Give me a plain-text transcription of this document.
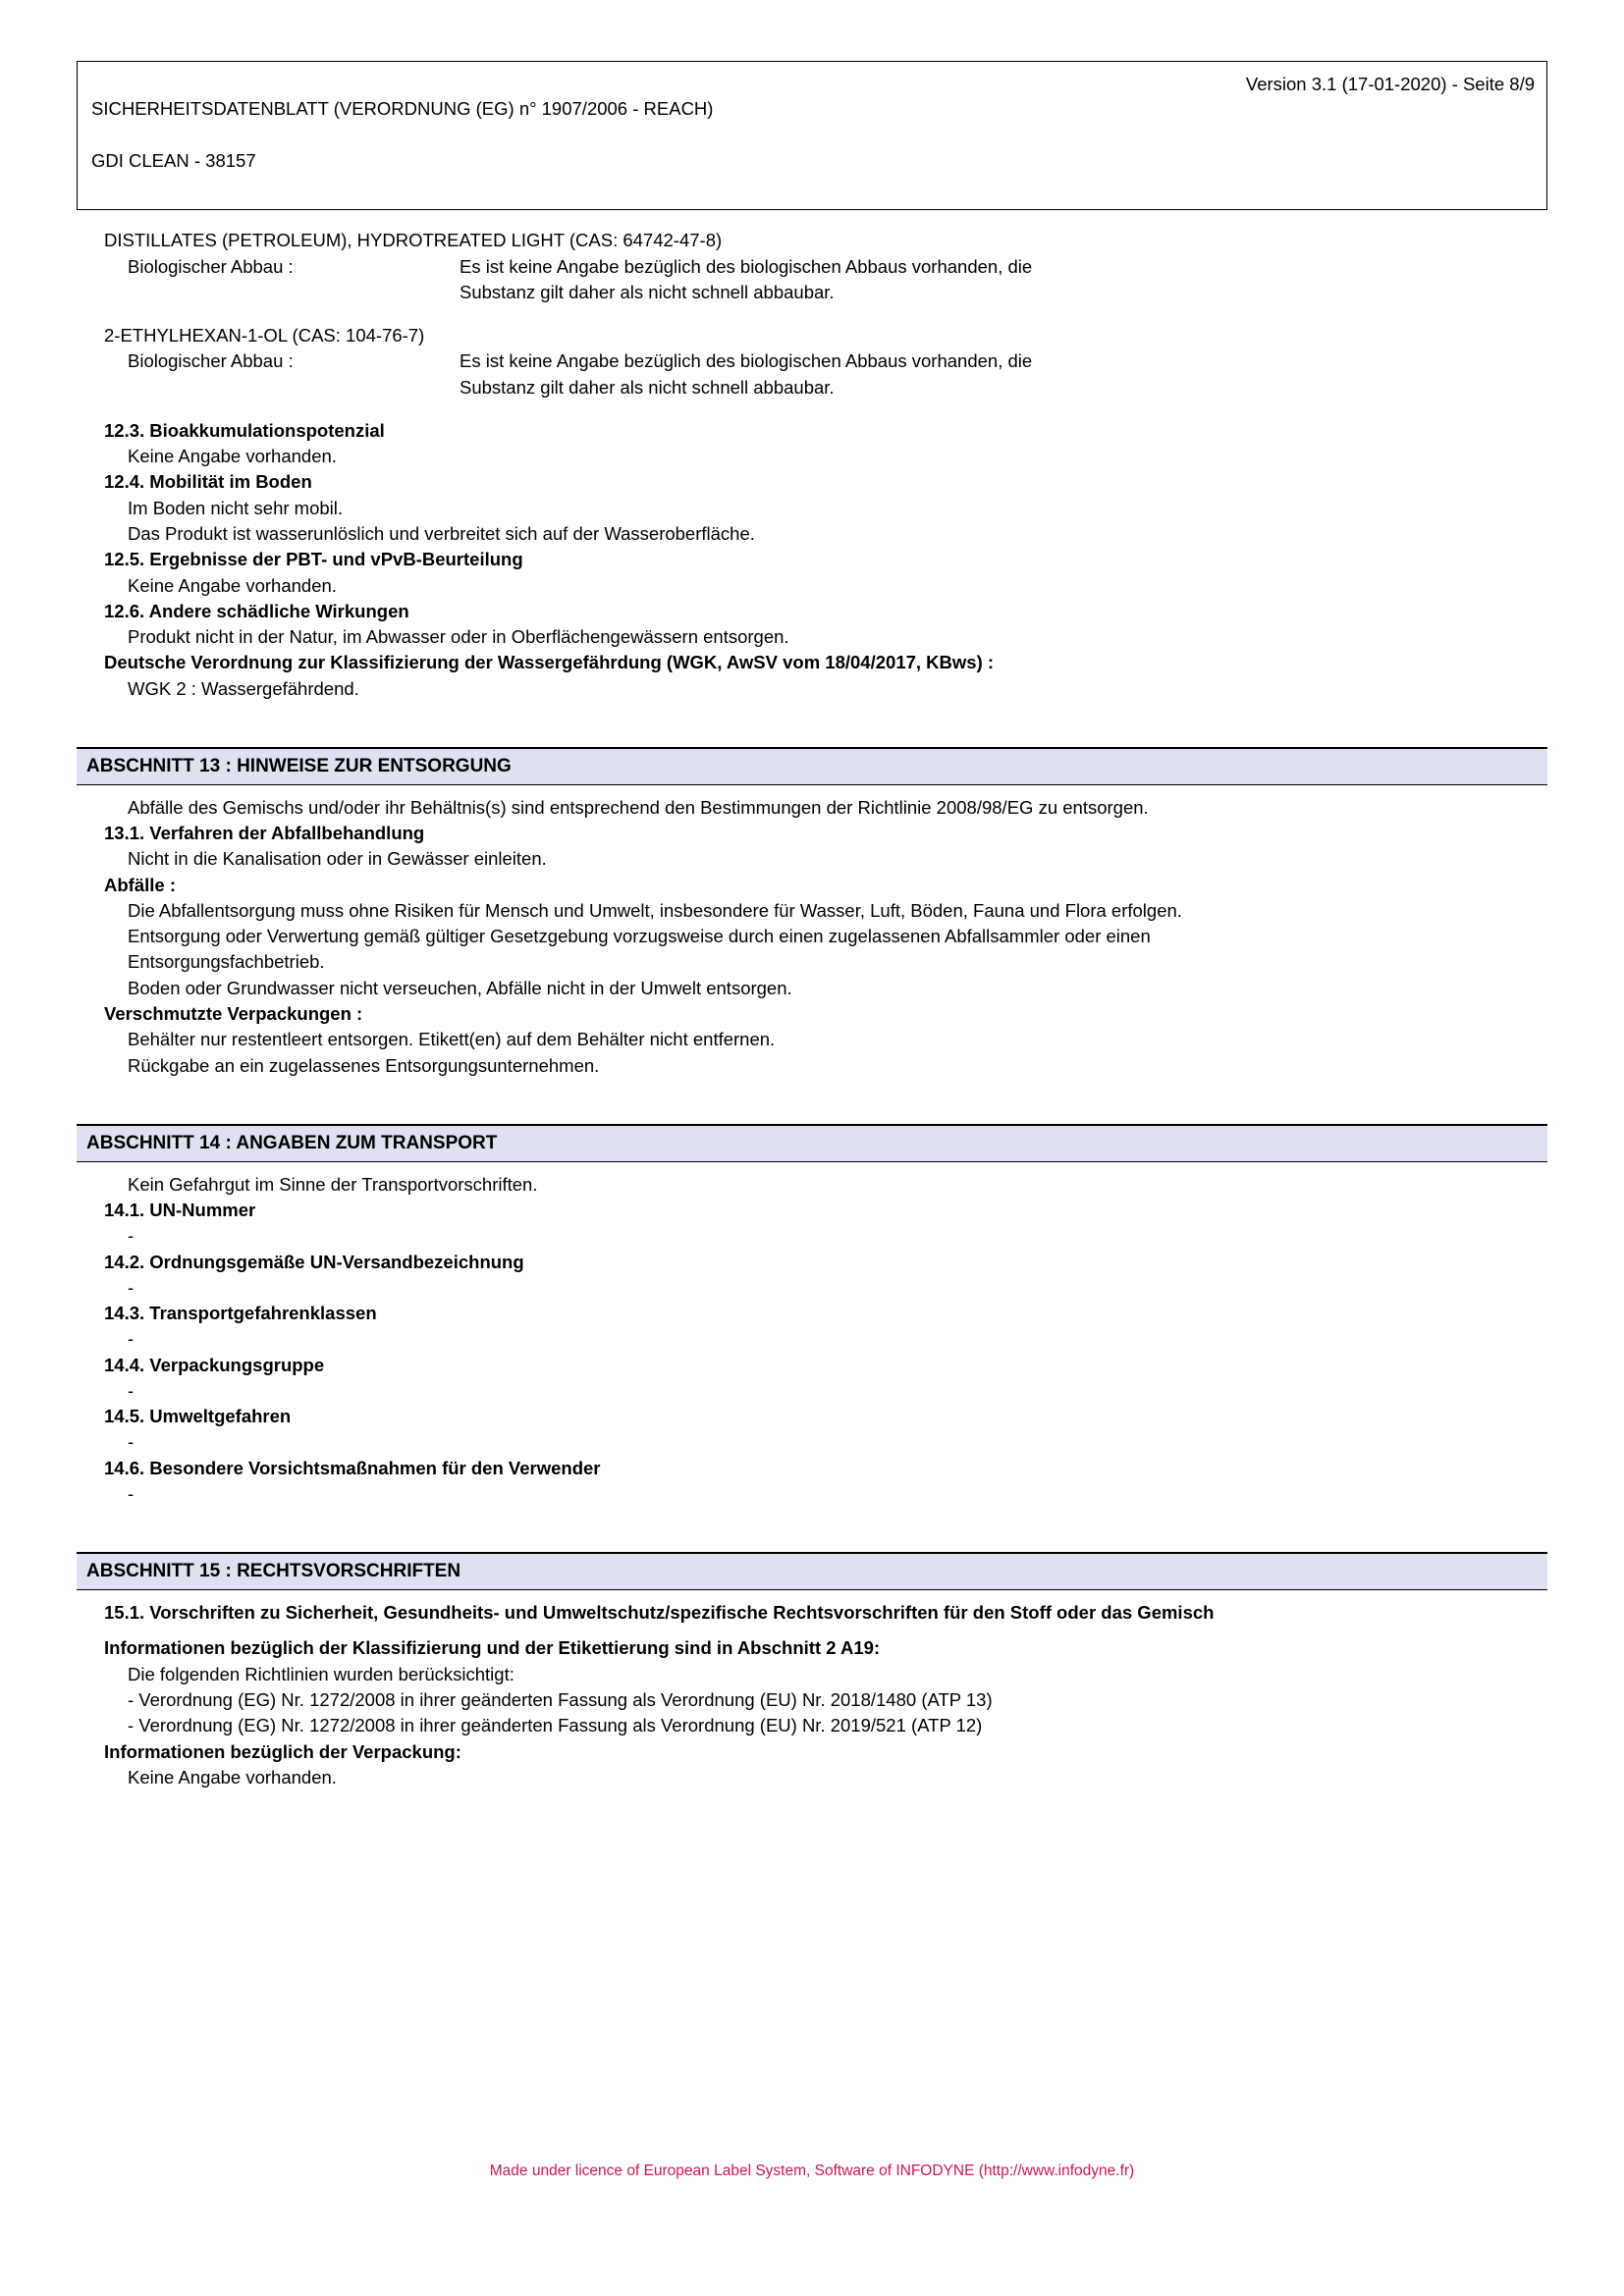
SICHERHEITSDATENBLATT (VERORDNUNG (EG) n° 1907/2006 - REACH)

GDI CLEAN - 38157

Version 3.1 (17-01-2020) - Seite 8/9
DISTILLATES (PETROLEUM), HYDROTREATED LIGHT (CAS: 64742-47-8)
Biologischer Abbau :	Es ist keine Angabe bezüglich des biologischen Abbaus vorhanden, die
Substanz gilt daher als nicht schnell abbaubar.
2-ETHYLHEXAN-1-OL (CAS: 104-76-7)
Biologischer Abbau :	Es ist keine Angabe bezüglich des biologischen Abbaus vorhanden, die
Substanz gilt daher als nicht schnell abbaubar.
12.3. Bioakkumulationspotenzial
Keine Angabe vorhanden.
12.4. Mobilität im Boden
Im Boden nicht sehr mobil.
Das Produkt ist wasserunlöslich und verbreitet sich auf der Wasseroberfläche.
12.5. Ergebnisse der PBT- und vPvB-Beurteilung
Keine Angabe vorhanden.
12.6. Andere schädliche Wirkungen
Produkt nicht in der Natur, im Abwasser oder in Oberflächengewässern entsorgen.
Deutsche Verordnung zur Klassifizierung der Wassergefährdung (WGK, AwSV vom 18/04/2017, KBws) :
WGK 2 : Wassergefährdend.
ABSCHNITT 13 : HINWEISE ZUR ENTSORGUNG
Abfälle des Gemischs und/oder ihr Behältnis(s) sind entsprechend den Bestimmungen der Richtlinie 2008/98/EG zu entsorgen.
13.1. Verfahren der Abfallbehandlung
Nicht in die Kanalisation oder in Gewässer einleiten.
Abfälle :
Die Abfallentsorgung muss ohne Risiken für Mensch und Umwelt, insbesondere für Wasser, Luft, Böden, Fauna und Flora erfolgen.
Entsorgung oder Verwertung gemäß gültiger Gesetzgebung vorzugsweise durch einen zugelassenen Abfallsammler oder einen
Entsorgungsfachbetrieb.
Boden oder Grundwasser nicht verseuchen, Abfälle nicht in der Umwelt entsorgen.
Verschmutzte Verpackungen :
Behälter nur restentleert entsorgen. Etikett(en) auf dem Behälter nicht entfernen.
Rückgabe an ein zugelassenes Entsorgungsunternehmen.
ABSCHNITT 14 : ANGABEN ZUM TRANSPORT
Kein Gefahrgut im Sinne der Transportvorschriften.
14.1. UN-Nummer
-
14.2. Ordnungsgemäße UN-Versandbezeichnung
-
14.3. Transportgefahrenklassen
-
14.4. Verpackungsgruppe
-
14.5. Umweltgefahren
-
14.6. Besondere Vorsichtsmaßnahmen für den Verwender
-
ABSCHNITT 15 : RECHTSVORSCHRIFTEN
15.1. Vorschriften zu Sicherheit, Gesundheits- und Umweltschutz/spezifische Rechtsvorschriften für den Stoff oder das Gemisch
Informationen bezüglich der Klassifizierung und der Etikettierung sind in Abschnitt 2 A19:
Die folgenden Richtlinien wurden berücksichtigt:
- Verordnung (EG) Nr. 1272/2008 in ihrer geänderten Fassung als Verordnung (EU) Nr. 2018/1480 (ATP 13)
- Verordnung (EG) Nr. 1272/2008 in ihrer geänderten Fassung als Verordnung (EU) Nr. 2019/521 (ATP 12)
Informationen bezüglich der Verpackung:
Keine Angabe vorhanden.
Made under licence of European Label System, Software of INFODYNE (http://www.infodyne.fr)
